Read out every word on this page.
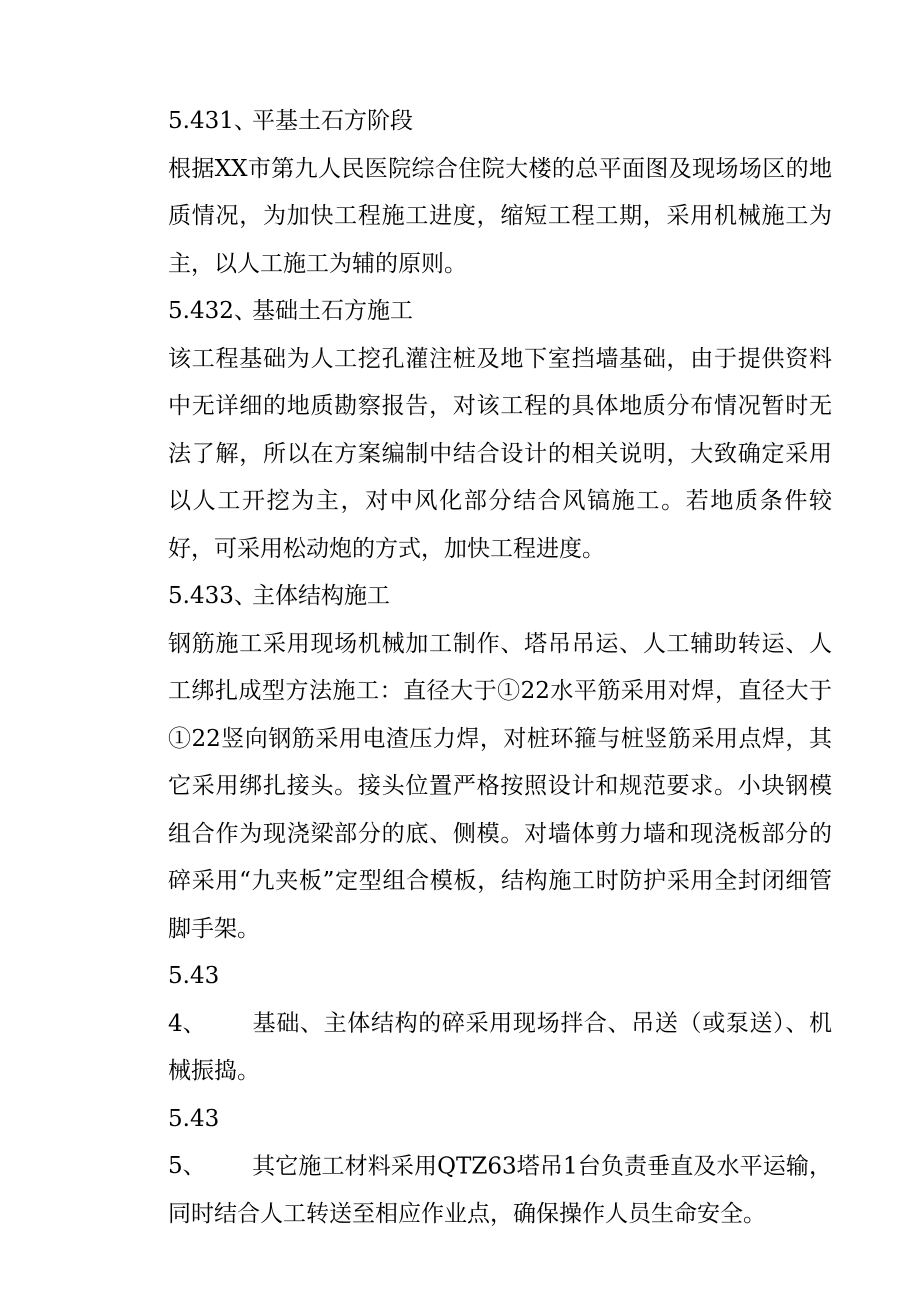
5.431、平基土石方阶段

根据XX市第九人民医院综合住院大楼的总平面图及现场场区的地质情况，为加快工程施工进度，缩短工程工期，采用机械施工为主，以人工施工为辅的原则。

5.432、基础土石方施工

该工程基础为人工挖孔灌注桩及地下室挡墙基础，由于提供资料中无详细的地质勘察报告，对该工程的具体地质分布情况暂时无法了解，所以在方案编制中结合设计的相关说明，大致确定采用以人工开挖为主，对中风化部分结合风镐施工。若地质条件较好，可采用松动炮的方式，加快工程进度。

5.433、主体结构施工

钢筋施工采用现场机械加工制作、塔吊吊运、人工辅助转运、人工绑扎成型方法施工：直径大于①22水平筋采用对焊，直径大于①22竖向钢筋采用电渣压力焊，对桩环箍与桩竖筋采用点焊，其它采用绑扎接头。接头位置严格按照设计和规范要求。小块钢模组合作为现浇梁部分的底、侧模。对墙体剪力墙和现浇板部分的碎采用“九夹板”定型组合模板，结构施工时防护采用全封闭细管脚手架。

5.434、 基础、主体结构的碎采用现场拌合、吊送（或泵送）、机械振捣。

5.435、 其它施工材料采用QTZ63塔吊1台负责垂直及水平运输，同时结合人工转送至相应作业点，确保操作人员生命安全。
